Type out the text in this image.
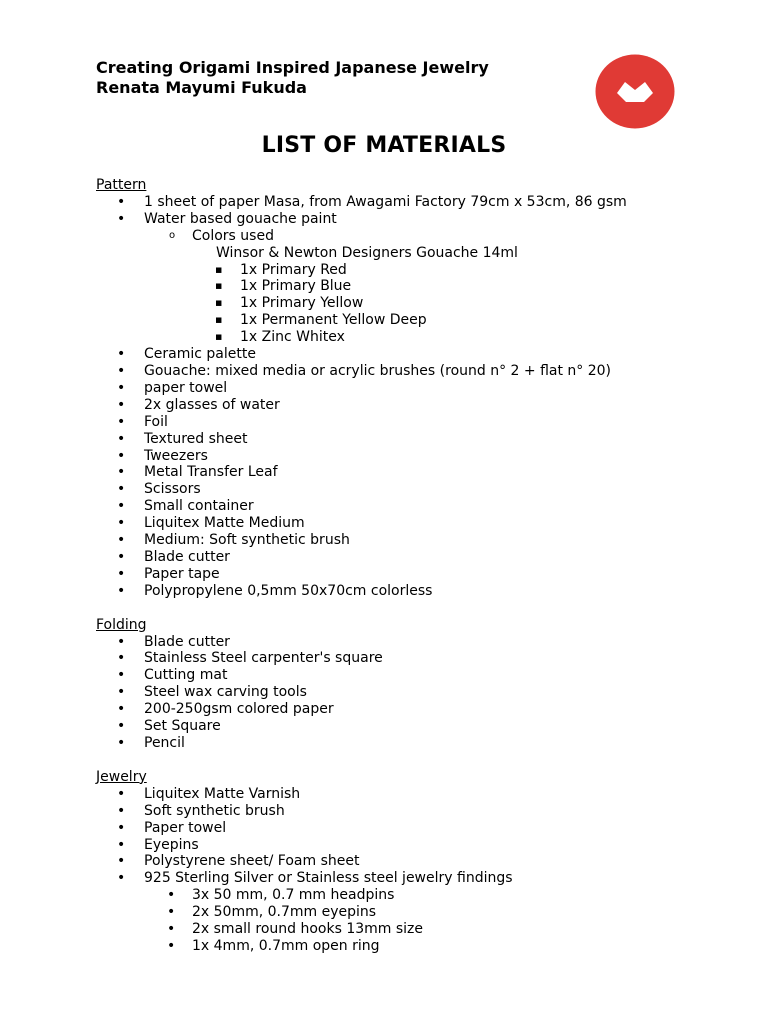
Creating Origami Inspired Japanese Jewelry
Renata Mayumi Fukuda
LIST OF MATERIALS
Pattern
• 1 sheet of paper Masa, from Awagami Factory 79cm x 53cm, 86 gsm
• Water based gouache paint
o Colors used
Winsor & Newton Designers Gouache 14ml
▪ 1x Primary Red
▪ 1x Primary Blue
▪ 1x Primary Yellow
▪ 1x Permanent Yellow Deep
▪ 1x Zinc Whitex
• Ceramic palette
• Gouache: mixed media or acrylic brushes (round n° 2 + flat n° 20)
• paper towel
• 2x glasses of water
• Foil
• Textured sheet
• Tweezers
• Metal Transfer Leaf
• Scissors
• Small container
• Liquitex Matte Medium
• Medium: Soft synthetic brush
• Blade cutter
• Paper tape
• Polypropylene 0,5mm 50x70cm colorless
Folding
• Blade cutter
• Stainless Steel carpenter's square
• Cutting mat
• Steel wax carving tools
• 200-250gsm colored paper
• Set Square
• Pencil
Jewelry
• Liquitex Matte Varnish
• Soft synthetic brush
• Paper towel
• Eyepins
• Polystyrene sheet/ Foam sheet
• 925 Sterling Silver or Stainless steel jewelry findings
• 3x 50 mm, 0.7 mm headpins
• 2x 50mm, 0.7mm eyepins
• 2x small round hooks 13mm size
• 1x 4mm, 0.7mm open ring
